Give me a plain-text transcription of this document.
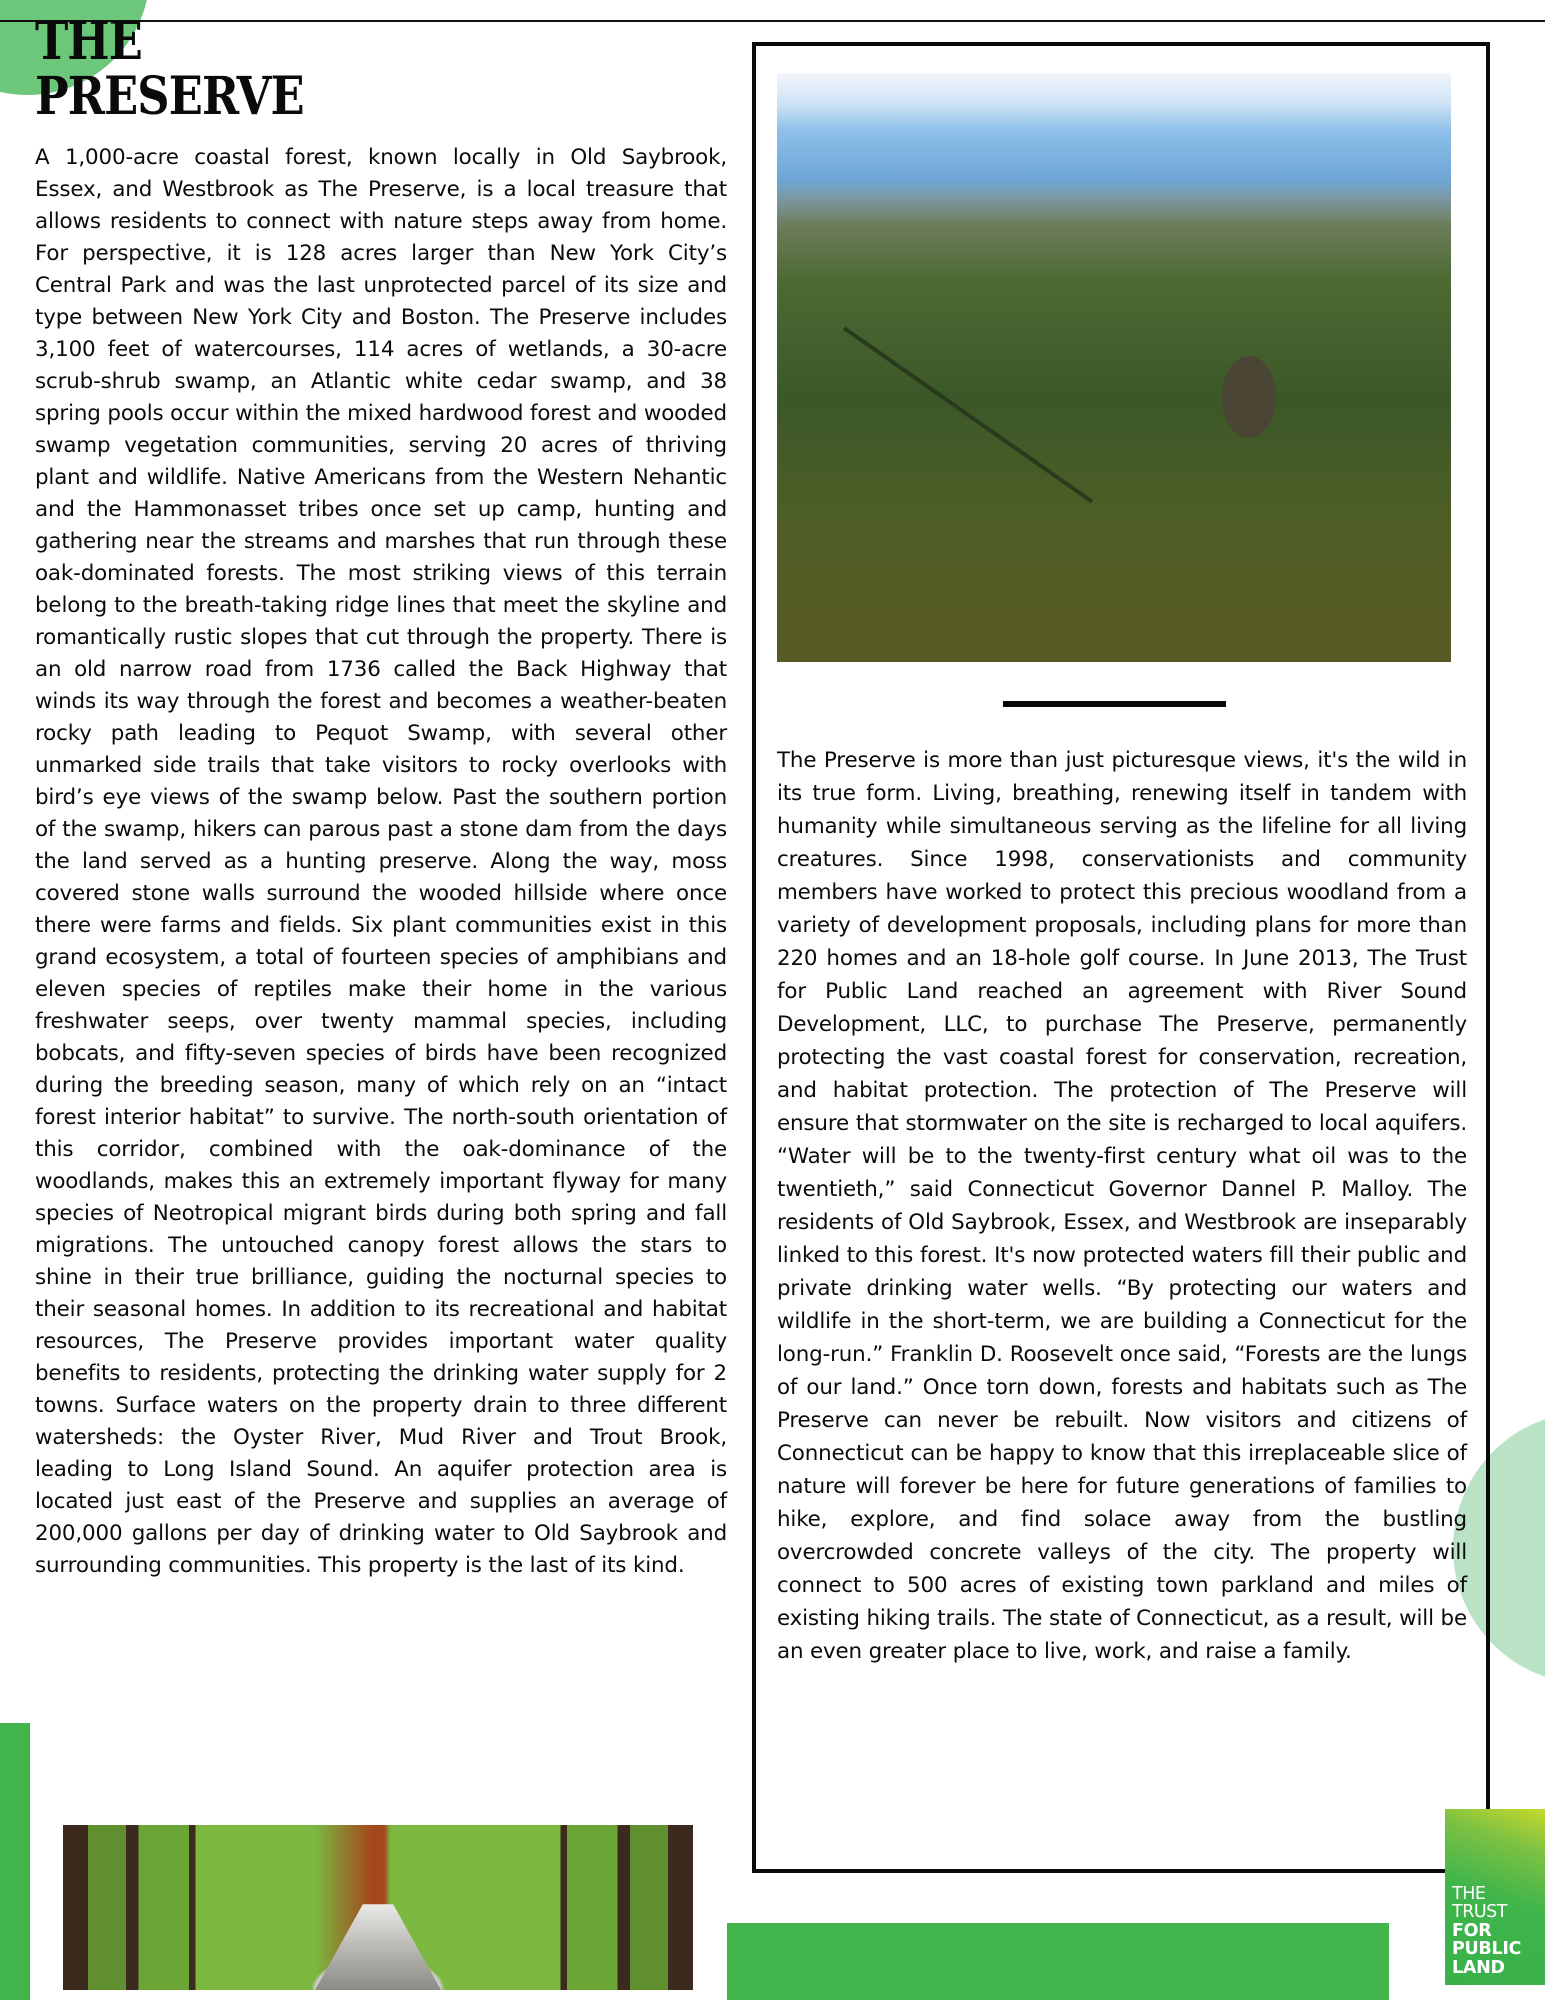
THE
PRESERVE

A 1,000-acre coastal forest, known locally in Old Saybrook, Essex, and Westbrook as The Preserve, is a local treasure that allows residents to connect with nature steps away from home. For perspective, it is 128 acres larger than New York City’s Central Park and was the last unprotected parcel of its size and type between New York City and Boston. The Preserve includes 3,100 feet of watercourses, 114 acres of wetlands, a 30-acre scrub-shrub swamp, an Atlantic white cedar swamp, and 38 spring pools occur within the mixed hardwood forest and wooded swamp vegetation communities, serving 20 acres of thriving plant and wildlife. Native Americans from the Western Nehantic and the Hammonasset tribes once set up camp, hunting and gathering near the streams and marshes that run through these oak-dominated forests. The most striking views of this terrain belong to the breath-taking ridge lines that meet the skyline and romantically rustic slopes that cut through the property. There is an old narrow road from 1736 called the Back Highway that winds its way through the forest and becomes a weather-beaten rocky path leading to Pequot Swamp, with several other unmarked side trails that take visitors to rocky overlooks with bird’s eye views of the swamp below. Past the southern portion of the swamp, hikers can parous past a stone dam from the days the land served as a hunting preserve. Along the way, moss covered stone walls surround the wooded hillside where once there were farms and fields. Six plant communities exist in this grand ecosystem, a total of fourteen species of amphibians and eleven species of reptiles make their home in the various freshwater seeps, over twenty mammal species, including bobcats, and fifty-seven species of birds have been recognized during the breeding season, many of which rely on an “intact forest interior habitat” to survive. The north-south orientation of this corridor, combined with the oak-dominance of the woodlands, makes this an extremely important flyway for many species of Neotropical migrant birds during both spring and fall migrations. The untouched canopy forest allows the stars to shine in their true brilliance, guiding the nocturnal species to their seasonal homes. In addition to its recreational and habitat resources, The Preserve provides important water quality benefits to residents, protecting the drinking water supply for 2 towns. Surface waters on the property drain to three different watersheds: the Oyster River, Mud River and Trout Brook, leading to Long Island Sound. An aquifer protection area is located just east of the Preserve and supplies an average of 200,000 gallons per day of drinking water to Old Saybrook and surrounding communities. This property is the last of its kind.

The Preserve is more than just picturesque views, it's the wild in its true form. Living, breathing, renewing itself in tandem with humanity while simultaneous serving as the lifeline for all living creatures. Since 1998, conservationists and community members have worked to protect this precious woodland from a variety of development proposals, including plans for more than 220 homes and an 18-hole golf course. In June 2013, The Trust for Public Land reached an agreement with River Sound Development, LLC, to purchase The Preserve, permanently protecting the vast coastal forest for conservation, recreation, and habitat protection. The protection of The Preserve will ensure that stormwater on the site is recharged to local aquifers. “Water will be to the twenty-first century what oil was to the twentieth,” said Connecticut Governor Dannel P. Malloy. The residents of Old Saybrook, Essex, and Westbrook are inseparably linked to this forest. It's now protected waters fill their public and private drinking water wells. “By protecting our waters and wildlife in the short-term, we are building a Connecticut for the long-run.” Franklin D. Roosevelt once said, “Forests are the lungs of our land.” Once torn down, forests and habitats such as The Preserve can never be rebuilt. Now visitors and citizens of Connecticut can be happy to know that this irreplaceable slice of nature will forever be here for future generations of families to hike, explore, and find solace away from the bustling overcrowded concrete valleys of the city. The property will connect to 500 acres of existing town parkland and miles of existing hiking trails. The state of Connecticut, as a result, will be an even greater place to live, work, and raise a family.

THE
TRUST
FOR
PUBLIC
LAND
